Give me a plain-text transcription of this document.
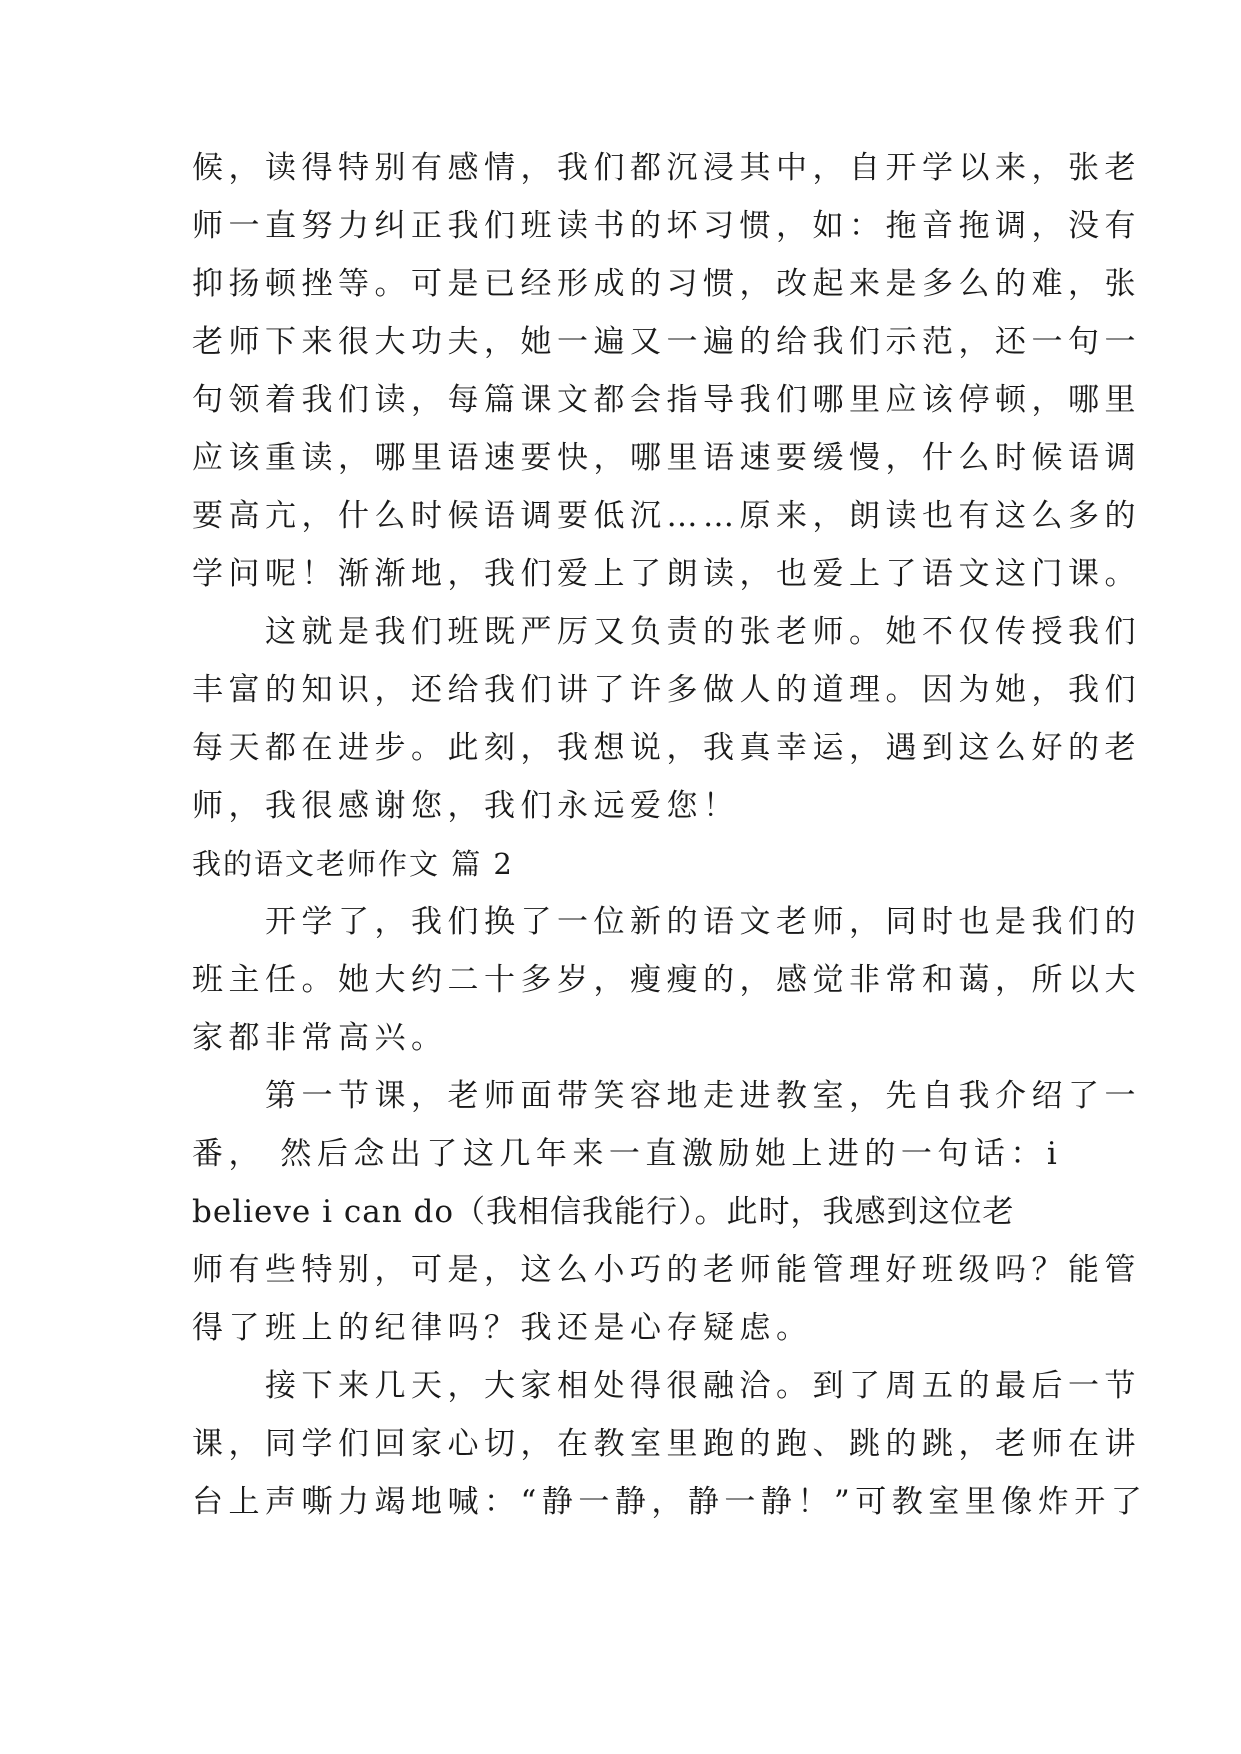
候，读得特别有感情，我们都沉浸其中，自开学以来，张老
师一直努力纠正我们班读书的坏习惯，如：拖音拖调，没有
抑扬顿挫等。可是已经形成的习惯，改起来是多么的难，张
老师下来很大功夫，她一遍又一遍的给我们示范，还一句一
句领着我们读，每篇课文都会指导我们哪里应该停顿，哪里
应该重读，哪里语速要快，哪里语速要缓慢，什么时候语调
要高亢，什么时候语调要低沉……原来，朗读也有这么多的
学问呢！渐渐地，我们爱上了朗读，也爱上了语文这门课。
　　这就是我们班既严厉又负责的张老师。她不仅传授我们
丰富的知识，还给我们讲了许多做人的道理。因为她，我们
每天都在进步。此刻，我想说，我真幸运，遇到这么好的老
师，我很感谢您，我们永远爱您！
我的语文老师作文 篇 2
　　开学了，我们换了一位新的语文老师，同时也是我们的
班主任。她大约二十多岁，瘦瘦的，感觉非常和蔼，所以大
家都非常高兴。
　　第一节课，老师面带笑容地走进教室，先自我介绍了一
番， 然后念出了这几年来一直激励她上进的一句话：i
believe i can do（我相信我能行）。此时，我感到这位老
师有些特别，可是，这么小巧的老师能管理好班级吗？能管
得了班上的纪律吗？我还是心存疑虑。
　　接下来几天，大家相处得很融洽。到了周五的最后一节
课，同学们回家心切，在教室里跑的跑、跳的跳，老师在讲
台上声嘶力竭地喊：“静一静，静一静！”可教室里像炸开了
